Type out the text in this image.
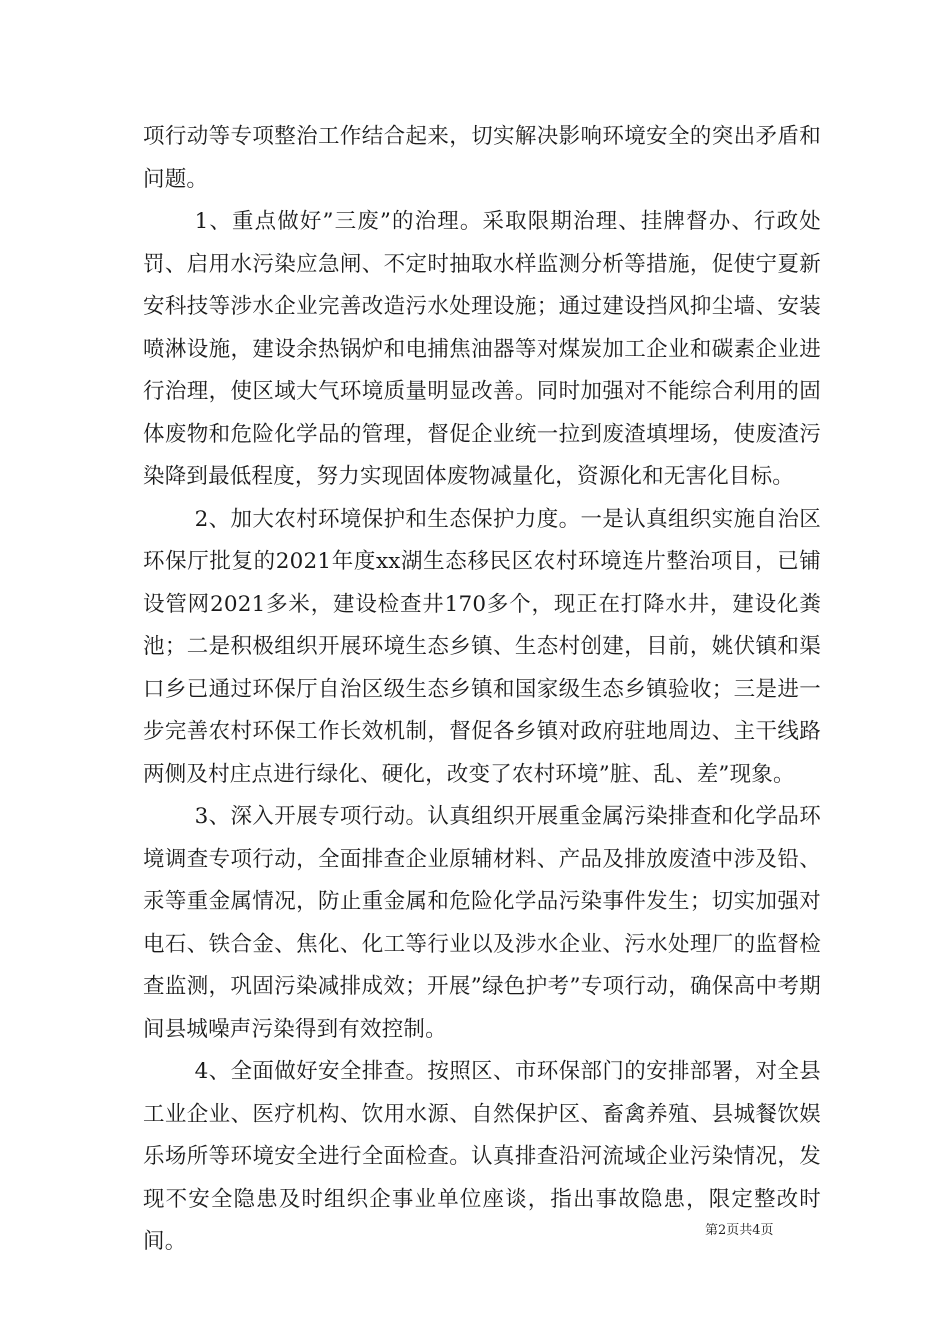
项行动等专项整治工作结合起来，切实解决影响环境安全的突出矛盾和问题。

1、重点做好”三废”的治理。采取限期治理、挂牌督办、行政处罚、启用水污染应急闸、不定时抽取水样监测分析等措施，促使宁夏新安科技等涉水企业完善改造污水处理设施；通过建设挡风抑尘墙、安装喷淋设施，建设余热锅炉和电捕焦油器等对煤炭加工企业和碳素企业进行治理，使区域大气环境质量明显改善。同时加强对不能综合利用的固体废物和危险化学品的管理，督促企业统一拉到废渣填埋场，使废渣污染降到最低程度，努力实现固体废物减量化，资源化和无害化目标。

2、加大农村环境保护和生态保护力度。一是认真组织实施自治区环保厅批复的2021年度xx湖生态移民区农村环境连片整治项目，已铺设管网2021多米，建设检查井170多个，现正在打降水井，建设化粪池；二是积极组织开展环境生态乡镇、生态村创建，目前，姚伏镇和渠口乡已通过环保厅自治区级生态乡镇和国家级生态乡镇验收；三是进一步完善农村环保工作长效机制，督促各乡镇对政府驻地周边、主干线路两侧及村庄点进行绿化、硬化，改变了农村环境”脏、乱、差”现象。

3、深入开展专项行动。认真组织开展重金属污染排查和化学品环境调查专项行动，全面排查企业原辅材料、产品及排放废渣中涉及铅、汞等重金属情况，防止重金属和危险化学品污染事件发生；切实加强对电石、铁合金、焦化、化工等行业以及涉水企业、污水处理厂的监督检查监测，巩固污染减排成效；开展”绿色护考”专项行动，确保高中考期间县城噪声污染得到有效控制。

4、全面做好安全排查。按照区、市环保部门的安排部署，对全县工业企业、医疗机构、饮用水源、自然保护区、畜禽养殖、县城餐饮娱乐场所等环境安全进行全面检查。认真排查沿河流域企业污染情况，发现不安全隐患及时组织企事业单位座谈，指出事故隐患，限定整改时间。	第2页共4页
